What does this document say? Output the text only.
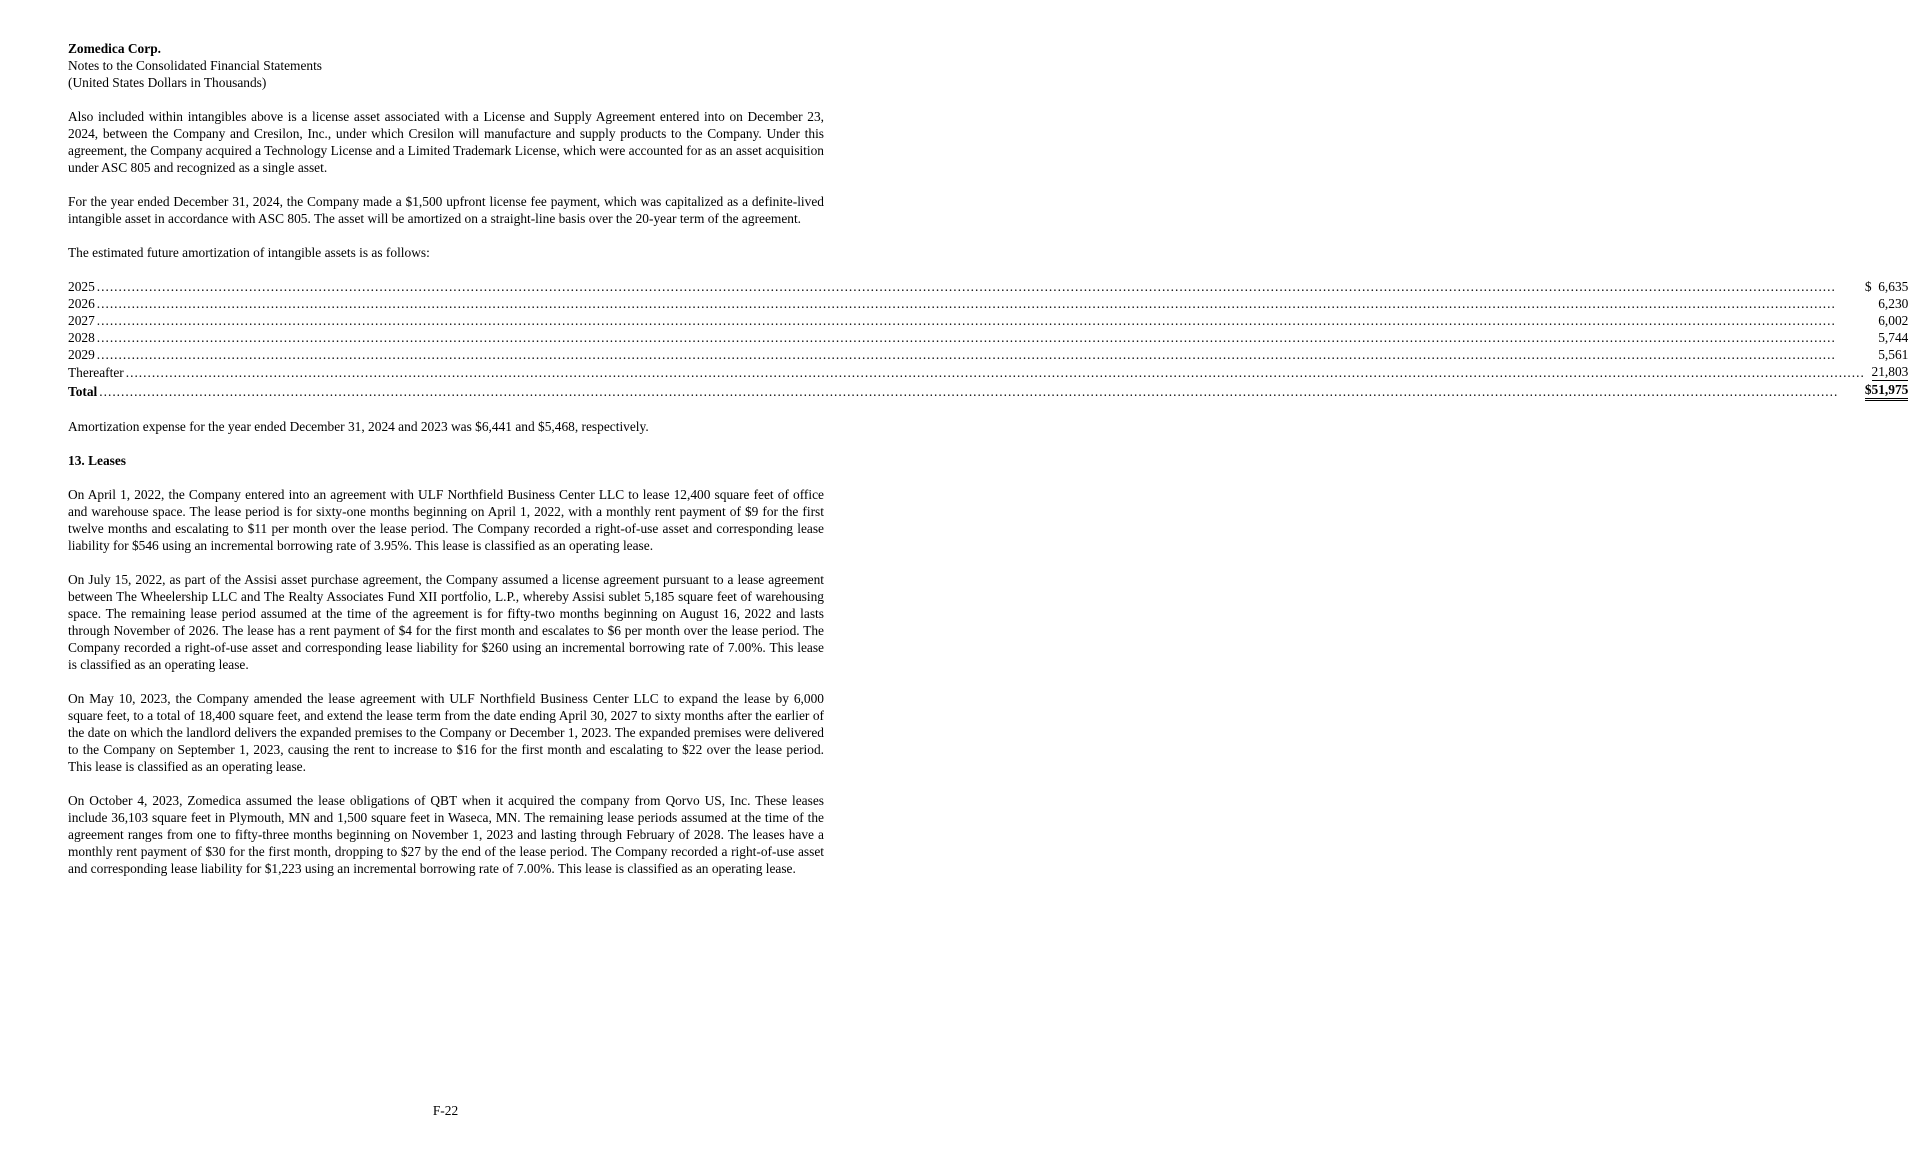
Zomedica Corp.
Notes to the Consolidated Financial Statements
(United States Dollars in Thousands)

Also included within intangibles above is a license asset associated with a License and Supply Agreement entered into on December 23, 2024, between the Company and Cresilon, Inc., under which Cresilon will manufacture and supply products to the Company. Under this agreement, the Company acquired a Technology License and a Limited Trademark License, which were accounted for as an asset acquisition under ASC 805 and recognized as a single asset.

For the year ended December 31, 2024, the Company made a $1,500 upfront license fee payment, which was capitalized as a definite-lived intangible asset in accordance with ASC 805. The asset will be amortized on a straight-line basis over the 20-year term of the agreement.

The estimated future amortization of intangible assets is as follows:

2025 ................................................................................................................................................................................................................................................................................................................................................................................................................	$	6,635
2026 ................................................................................................................................................................................................................................................................................................................................................................................................................		6,230
2027 ................................................................................................................................................................................................................................................................................................................................................................................................................		6,002
2028 ................................................................................................................................................................................................................................................................................................................................................................................................................		5,744
2029 ................................................................................................................................................................................................................................................................................................................................................................................................................		5,561
Thereafter ................................................................................................................................................................................................................................................................................................................................................................................................................		21,803
Total ................................................................................................................................................................................................................................................................................................................................................................................................................	$	51,975

Amortization expense for the year ended December 31, 2024 and 2023 was $6,441 and $5,468, respectively.

13. Leases

On April 1, 2022, the Company entered into an agreement with ULF Northfield Business Center LLC to lease 12,400 square feet of office and warehouse space. The lease period is for sixty-one months beginning on April 1, 2022, with a monthly rent payment of $9 for the first twelve months and escalating to $11 per month over the lease period. The Company recorded a right-of-use asset and corresponding lease liability for $546 using an incremental borrowing rate of 3.95%. This lease is classified as an operating lease.

On July 15, 2022, as part of the Assisi asset purchase agreement, the Company assumed a license agreement pursuant to a lease agreement between The Wheelership LLC and The Realty Associates Fund XII portfolio, L.P., whereby Assisi sublet 5,185 square feet of warehousing space. The remaining lease period assumed at the time of the agreement is for fifty-two months beginning on August 16, 2022 and lasts through November of 2026. The lease has a rent payment of $4 for the first month and escalates to $6 per month over the lease period. The Company recorded a right-of-use asset and corresponding lease liability for $260 using an incremental borrowing rate of 7.00%. This lease is classified as an operating lease.

On May 10, 2023, the Company amended the lease agreement with ULF Northfield Business Center LLC to expand the lease by 6,000 square feet, to a total of 18,400 square feet, and extend the lease term from the date ending April 30, 2027 to sixty months after the earlier of the date on which the landlord delivers the expanded premises to the Company or December 1, 2023. The expanded premises were delivered to the Company on September 1, 2023, causing the rent to increase to $16 for the first month and escalating to $22 over the lease period. This lease is classified as an operating lease.

On October 4, 2023, Zomedica assumed the lease obligations of QBT when it acquired the company from Qorvo US, Inc. These leases include 36,103 square feet in Plymouth, MN and 1,500 square feet in Waseca, MN. The remaining lease periods assumed at the time of the agreement ranges from one to fifty-three months beginning on November 1, 2023 and lasting through February of 2028. The leases have a monthly rent payment of $30 for the first month, dropping to $27 by the end of the lease period. The Company recorded a right-of-use asset and corresponding lease liability for $1,223 using an incremental borrowing rate of 7.00%. This lease is classified as an operating lease.

F-22
